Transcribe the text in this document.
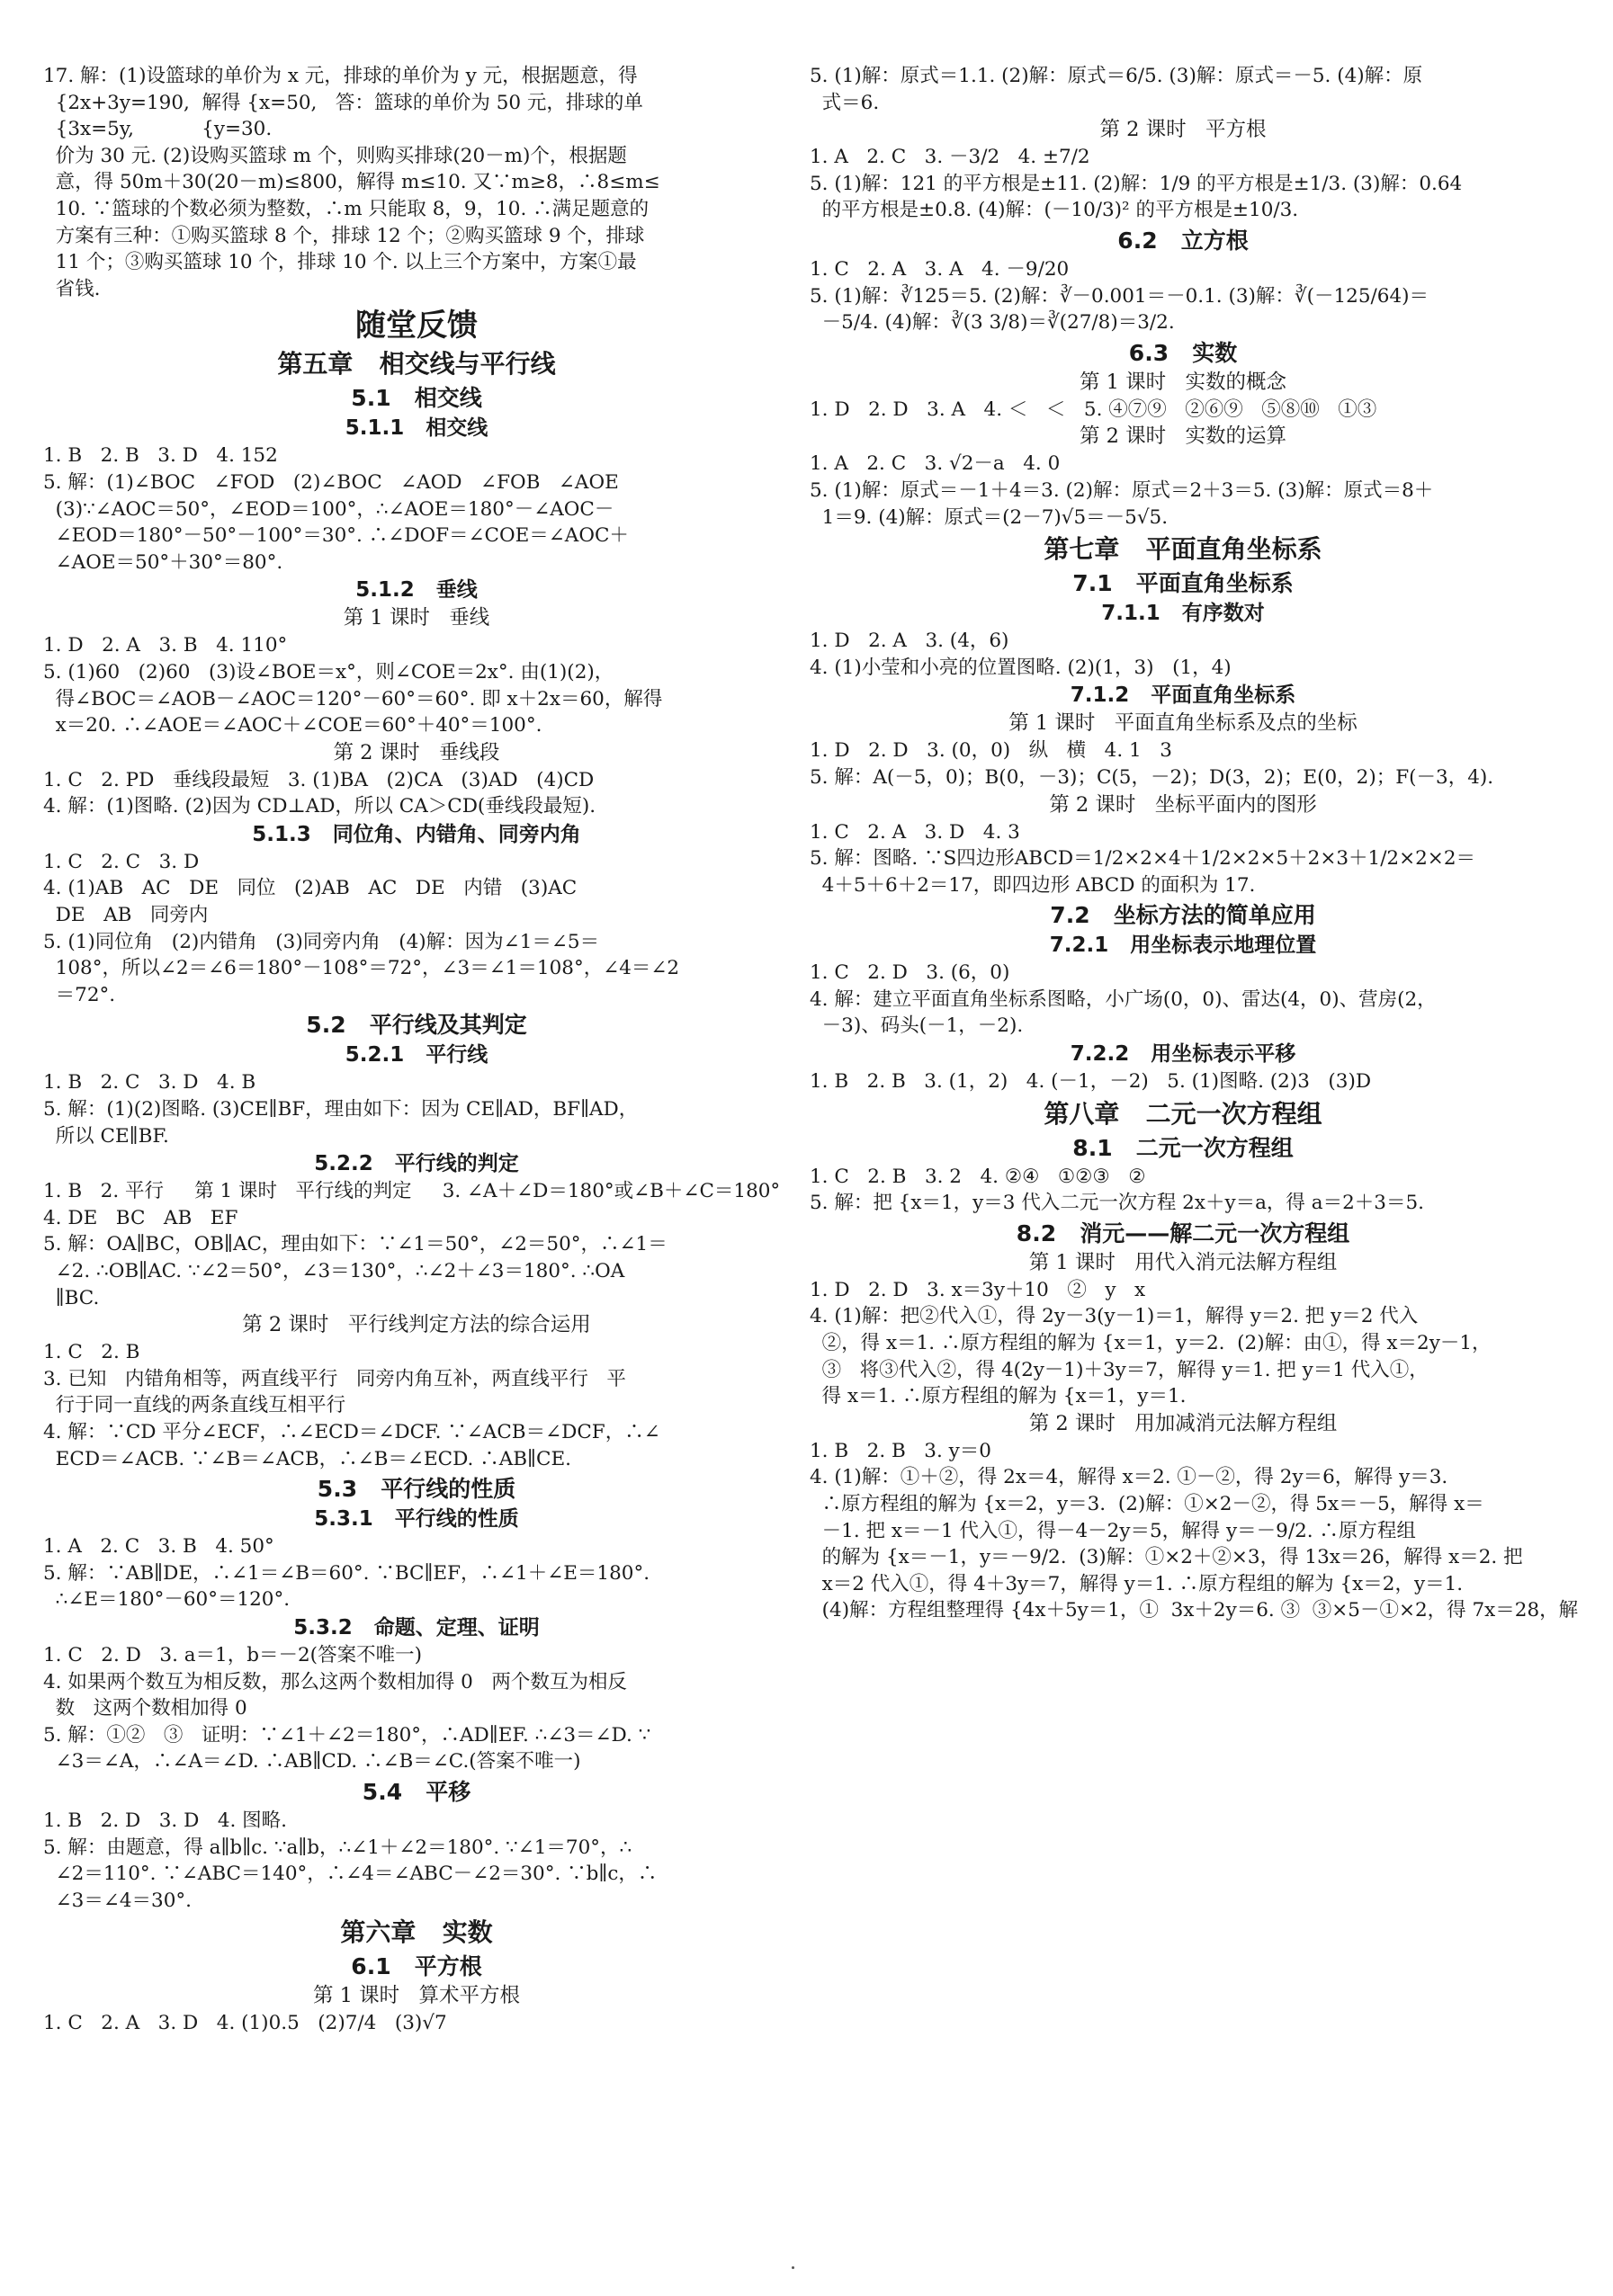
17. 解：(1)设篮球的单价为 x 元，排球的单价为 y 元，根据题意，得
{2x+3y=190,  解得 {x=50,   答：篮球的单价为 50 元，排球的单
{3x=5y,           {y=30.
价为 30 元. (2)设购买篮球 m 个，则购买排球(20－m)个，根据题
意，得 50m＋30(20－m)≤800，解得 m≤10. 又∵m≥8，∴8≤m≤
10. ∵篮球的个数必须为整数，∴m 只能取 8，9，10. ∴满足题意的
方案有三种：①购买篮球 8 个，排球 12 个；②购买篮球 9 个，排球
11 个；③购买篮球 10 个，排球 10 个. 以上三个方案中，方案①最
省钱.
随堂反馈
第五章   相交线与平行线
5.1   相交线
5.1.1   相交线
1. B   2. B   3. D   4. 152
5. 解：(1)∠BOC   ∠FOD   (2)∠BOC   ∠AOD   ∠FOB   ∠AOE
(3)∵∠AOC＝50°，∠EOD＝100°，∴∠AOE＝180°－∠AOC－
∠EOD＝180°－50°－100°＝30°. ∴∠DOF＝∠COE＝∠AOC＋
∠AOE＝50°＋30°＝80°.
5.1.2   垂线
第 1 课时   垂线
1. D   2. A   3. B   4. 110°
5. (1)60   (2)60   (3)设∠BOE＝x°，则∠COE＝2x°. 由(1)(2)，
得∠BOC＝∠AOB－∠AOC＝120°－60°＝60°. 即 x＋2x＝60，解得
x＝20. ∴∠AOE＝∠AOC＋∠COE＝60°＋40°＝100°.
第 2 课时   垂线段
1. C   2. PD   垂线段最短   3. (1)BA   (2)CA   (3)AD   (4)CD
4. 解：(1)图略. (2)因为 CD⊥AD，所以 CA＞CD(垂线段最短).
5.1.3   同位角、内错角、同旁内角
1. C   2. C   3. D
4. (1)AB   AC   DE   同位   (2)AB   AC   DE   内错   (3)AC
DE   AB   同旁内
5. (1)同位角   (2)内错角   (3)同旁内角   (4)解：因为∠1＝∠5＝
108°，所以∠2＝∠6＝180°－108°＝72°，∠3＝∠1＝108°，∠4＝∠2
＝72°.
5.2   平行线及其判定
5.2.1   平行线
1. B   2. C   3. D   4. B
5. 解：(1)(2)图略. (3)CE∥BF，理由如下：因为 CE∥AD，BF∥AD，
所以 CE∥BF.
5.2.2   平行线的判定
1. B   2. 平行     第 1 课时   平行线的判定     3. ∠A＋∠D＝180°或∠B＋∠C＝180°
4. DE   BC   AB   EF
5. 解：OA∥BC，OB∥AC，理由如下：∵∠1＝50°，∠2＝50°，∴∠1＝
∠2. ∴OB∥AC. ∵∠2＝50°，∠3＝130°，∴∠2＋∠3＝180°. ∴OA
∥BC.
第 2 课时   平行线判定方法的综合运用
1. C   2. B
3. 已知   内错角相等，两直线平行   同旁内角互补，两直线平行   平
行于同一直线的两条直线互相平行
4. 解：∵CD 平分∠ECF，∴∠ECD＝∠DCF. ∵∠ACB＝∠DCF，∴∠
ECD＝∠ACB. ∵∠B＝∠ACB，∴∠B＝∠ECD. ∴AB∥CE.
5.3   平行线的性质
5.3.1   平行线的性质
1. A   2. C   3. B   4. 50°
5. 解：∵AB∥DE，∴∠1＝∠B＝60°. ∵BC∥EF，∴∠1＋∠E＝180°.
∴∠E＝180°－60°＝120°.
5.3.2   命题、定理、证明
1. C   2. D   3. a＝1，b＝－2(答案不唯一)
4. 如果两个数互为相反数，那么这两个数相加得 0   两个数互为相反
数   这两个数相加得 0
5. 解：①②   ③   证明：∵∠1＋∠2＝180°，∴AD∥EF. ∴∠3＝∠D. ∵
∠3＝∠A，∴∠A＝∠D. ∴AB∥CD. ∴∠B＝∠C.(答案不唯一)
5.4   平移
1. B   2. D   3. D   4. 图略.
5. 解：由题意，得 a∥b∥c. ∵a∥b，∴∠1＋∠2＝180°. ∵∠1＝70°，∴
∠2＝110°. ∵∠ABC＝140°，∴∠4＝∠ABC－∠2＝30°. ∵b∥c，∴
∠3＝∠4＝30°.
第六章   实数
6.1   平方根
第 1 课时   算术平方根
1. C   2. A   3. D   4. (1)0.5   (2)7/4   (3)√7
5. (1)解：原式＝1.1. (2)解：原式＝6/5. (3)解：原式＝－5. (4)解：原
式＝6.
第 2 课时   平方根
1. A   2. C   3. －3/2   4. ±7/2
5. (1)解：121 的平方根是±11. (2)解：1/9 的平方根是±1/3. (3)解：0.64
的平方根是±0.8. (4)解：(－10/3)² 的平方根是±10/3.
6.2   立方根
1. C   2. A   3. A   4. －9/20
5. (1)解：∛125＝5. (2)解：∛－0.001＝－0.1. (3)解：∛(－125/64)＝
－5/4. (4)解：∛(3 3/8)＝∛(27/8)＝3/2.
6.3   实数
第 1 课时   实数的概念
1. D   2. D   3. A   4. ＜   ＜   5. ④⑦⑨   ②⑥⑨   ⑤⑧⑩   ①③
第 2 课时   实数的运算
1. A   2. C   3. √2－a   4. 0
5. (1)解：原式＝－1＋4＝3. (2)解：原式＝2＋3＝5. (3)解：原式＝8＋
1＝9. (4)解：原式＝(2－7)√5＝－5√5.
第七章   平面直角坐标系
7.1   平面直角坐标系
7.1.1   有序数对
1. D   2. A   3. (4，6)
4. (1)小莹和小亮的位置图略. (2)(1，3)   (1，4)
7.1.2   平面直角坐标系
第 1 课时   平面直角坐标系及点的坐标
1. D   2. D   3. (0，0)   纵   横   4. 1   3
5. 解：A(－5，0)；B(0，－3)；C(5，－2)；D(3，2)；E(0，2)；F(－3，4).
第 2 课时   坐标平面内的图形
1. C   2. A   3. D   4. 3
5. 解：图略. ∵S四边形ABCD＝1/2×2×4＋1/2×2×5＋2×3＋1/2×2×2＝
4＋5＋6＋2＝17，即四边形 ABCD 的面积为 17.
7.2   坐标方法的简单应用
7.2.1   用坐标表示地理位置
1. C   2. D   3. (6，0)
4. 解：建立平面直角坐标系图略，小广场(0，0)、雷达(4，0)、营房(2，
－3)、码头(－1，－2).
7.2.2   用坐标表示平移
1. B   2. B   3. (1，2)   4. (－1，－2)   5. (1)图略. (2)3   (3)D
第八章   二元一次方程组
8.1   二元一次方程组
1. C   2. B   3. 2   4. ②④   ①②③   ②
5. 解：把 {x＝1，y＝3 代入二元一次方程 2x＋y＝a，得 a＝2＋3＝5.
8.2   消元——解二元一次方程组
第 1 课时   用代入消元法解方程组
1. D   2. D   3. x＝3y＋10   ②   y   x
4. (1)解：把②代入①，得 2y－3(y－1)＝1，解得 y＝2. 把 y＝2 代入
②，得 x＝1. ∴原方程组的解为 {x＝1，y＝2.  (2)解：由①，得 x＝2y－1，
③   将③代入②，得 4(2y－1)＋3y＝7，解得 y＝1. 把 y＝1 代入①，
得 x＝1. ∴原方程组的解为 {x＝1，y＝1.
第 2 课时   用加减消元法解方程组
1. B   2. B   3. y＝0
4. (1)解：①＋②，得 2x＝4，解得 x＝2. ①－②，得 2y＝6，解得 y＝3.
∴原方程组的解为 {x＝2，y＝3.  (2)解：①×2－②，得 5x＝－5，解得 x＝
－1. 把 x＝－1 代入①，得－4－2y＝5，解得 y＝－9/2. ∴原方程组
的解为 {x＝－1，y＝－9/2.  (3)解：①×2＋②×3，得 13x＝26，解得 x＝2. 把
x＝2 代入①，得 4＋3y＝7，解得 y＝1. ∴原方程组的解为 {x＝2，y＝1.
(4)解：方程组整理得 {4x＋5y＝1，①  3x＋2y＝6. ③  ③×5－①×2，得 7x＝28，解
